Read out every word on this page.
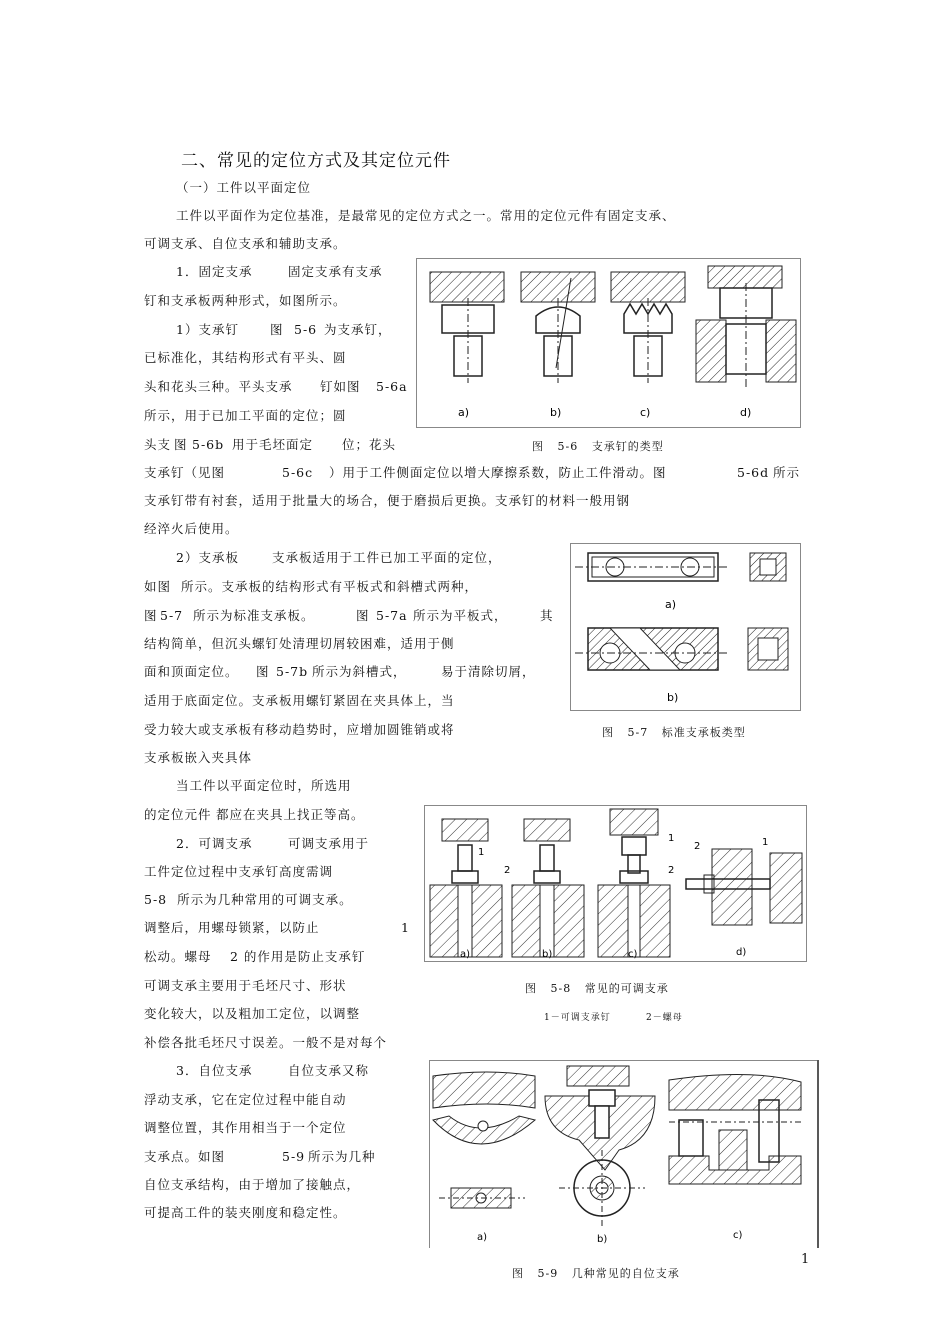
二、常见的定位方式及其定位元件
（一）工件以平面定位
工件以平面作为定位基准，是最常见的定位方式之一。常用的定位元件有固定支承、
可调支承、自位支承和辅助支承。
1．固定支承	固定支承有支承
钉和支承板两种形式，如图所示。
1）支承钉 图 5-6 为支承钉，
已标准化，其结构形式有平头、圆
头和花头三种。平头支承 钉如图 5-6a
所示，用于已加工平面的定位；圆
头支 图 5-6b 用于毛坯面定 位；花头
支承钉（见图	5-6c ）用于工件侧面定位以增大摩擦系数，防止工件滑动。图	5-6d 所示
支承钉带有衬套，适用于批量大的场合，便于磨损后更换。支承钉的材料一般用钢
经淬火后使用。
2）支承板	支承板适用于工件已加工平面的定位，
如图  所示。支承板的结构形式有平板式和斜槽式两种，
图 5-7 所示为标准支承板。	图 5-7a 所示为平板式，	其
结构简单，但沉头螺钉处清理切屑较困难，适用于侧
面和顶面定位。 图 5-7b 所示为斜槽式，	易于清除切屑，
适用于底面定位。支承板用螺钉紧固在夹具体上，当
受力较大或支承板有移动趋势时，应增加圆锥销或将
支承板嵌入夹具体
当工件以平面定位时，所选用
的定位元件 都应在夹具上找正等高。
2．可调支承	可调支承用于
工件定位过程中支承钉高度需调
5-8  所示为几种常用的可调支承。
调整后，用螺母锁紧，以防止	1
松动。螺母 2 的作用是防止支承钉
可调支承主要用于毛坯尺寸、形状
变化较大，以及粗加工定位，以调整
补偿各批毛坯尺寸误差。一般不是对每个
3．自位支承	自位支承又称
浮动支承，它在定位过程中能自动
调整位置，其作用相当于一个定位
支承点。如图	5-9 所示为几种
自位支承结构，由于增加了接触点，
可提高工件的装夹刚度和稳定性。
a)	b)	c)	d)
图   5-6   支承钉的类型
a)
b)
图   5-7   标准支承板类型
1
2
1
2
2	1
a)	b)	c)	d)
图   5-8   常见的可调支承
1－可调支承钉	2－螺母
a)	b)	c)
图   5-9   几种常见的自位支承
1
